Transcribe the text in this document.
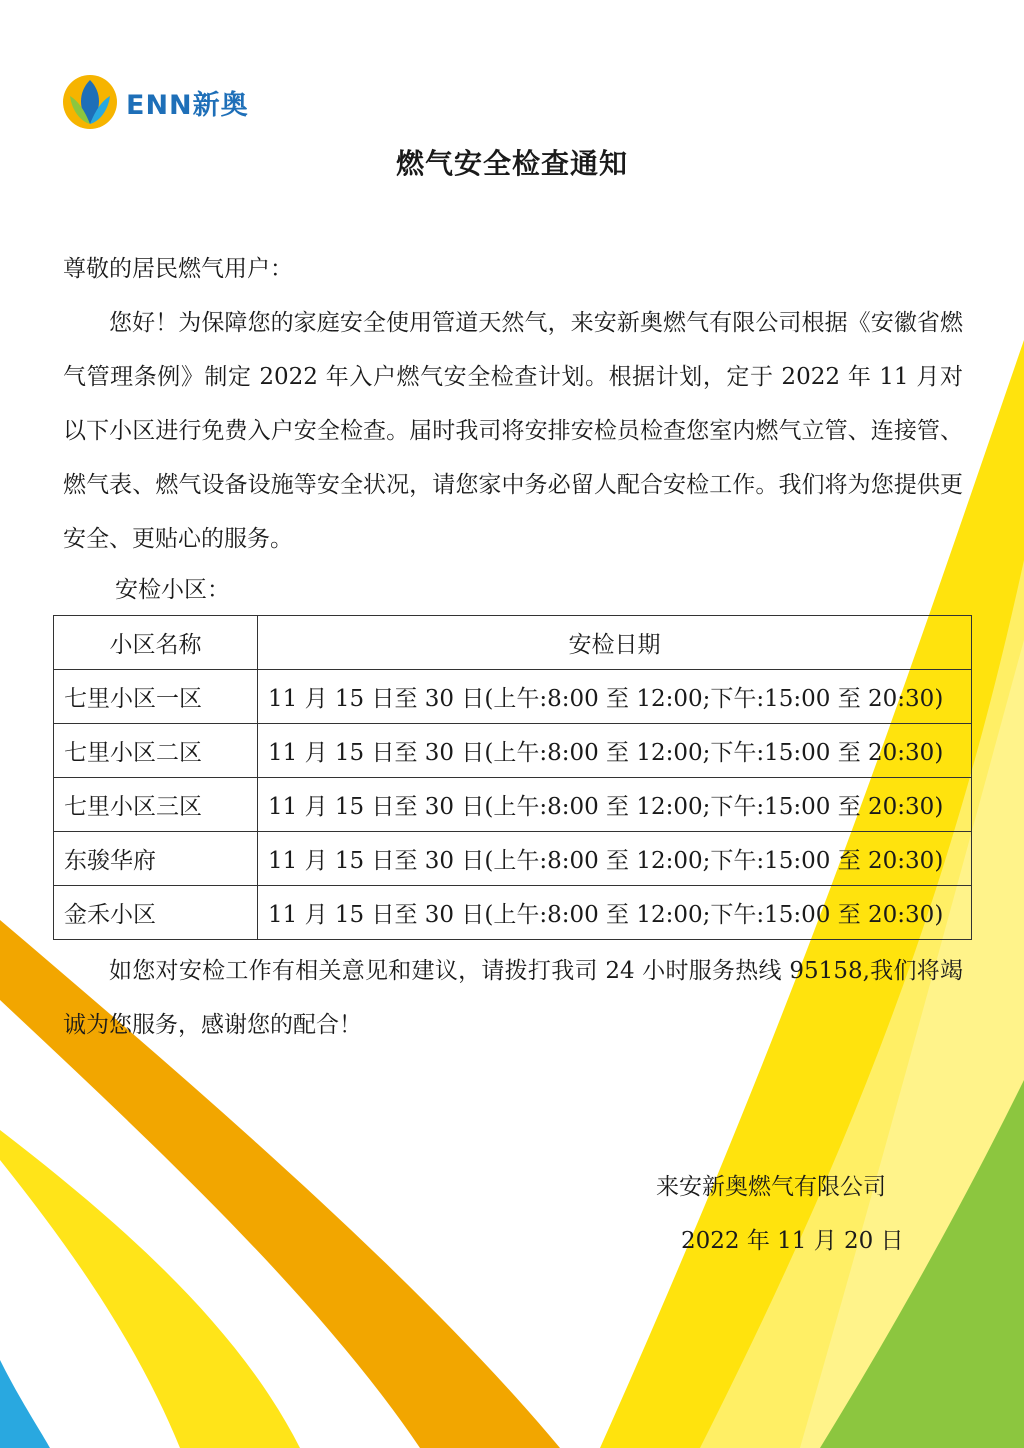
ENN新奥
燃气安全检查通知
尊敬的居民燃气用户：
您好！为保障您的家庭安全使用管道天然气，来安新奥燃气有限公司根据《安徽省燃气管理条例》制定 2022 年入户燃气安全检查计划。根据计划，定于 2022 年 11 月对以下小区进行免费入户安全检查。届时我司将安排安检员检查您室内燃气立管、连接管、燃气表、燃气设备设施等安全状况，请您家中务必留人配合安检工作。我们将为您提供更安全、更贴心的服务。
安检小区：
小区名称	安检日期
七里小区一区	11 月 15 日至 30 日(上午:8:00 至 12:00;下午:15:00 至 20:30)
七里小区二区	11 月 15 日至 30 日(上午:8:00 至 12:00;下午:15:00 至 20:30)
七里小区三区	11 月 15 日至 30 日(上午:8:00 至 12:00;下午:15:00 至 20:30)
东骏华府	11 月 15 日至 30 日(上午:8:00 至 12:00;下午:15:00 至 20:30)
金禾小区	11 月 15 日至 30 日(上午:8:00 至 12:00;下午:15:00 至 20:30)
如您对安检工作有相关意见和建议，请拨打我司 24 小时服务热线 95158,我们将竭诚为您服务，感谢您的配合！
来安新奥燃气有限公司
2022 年 11 月 20 日
